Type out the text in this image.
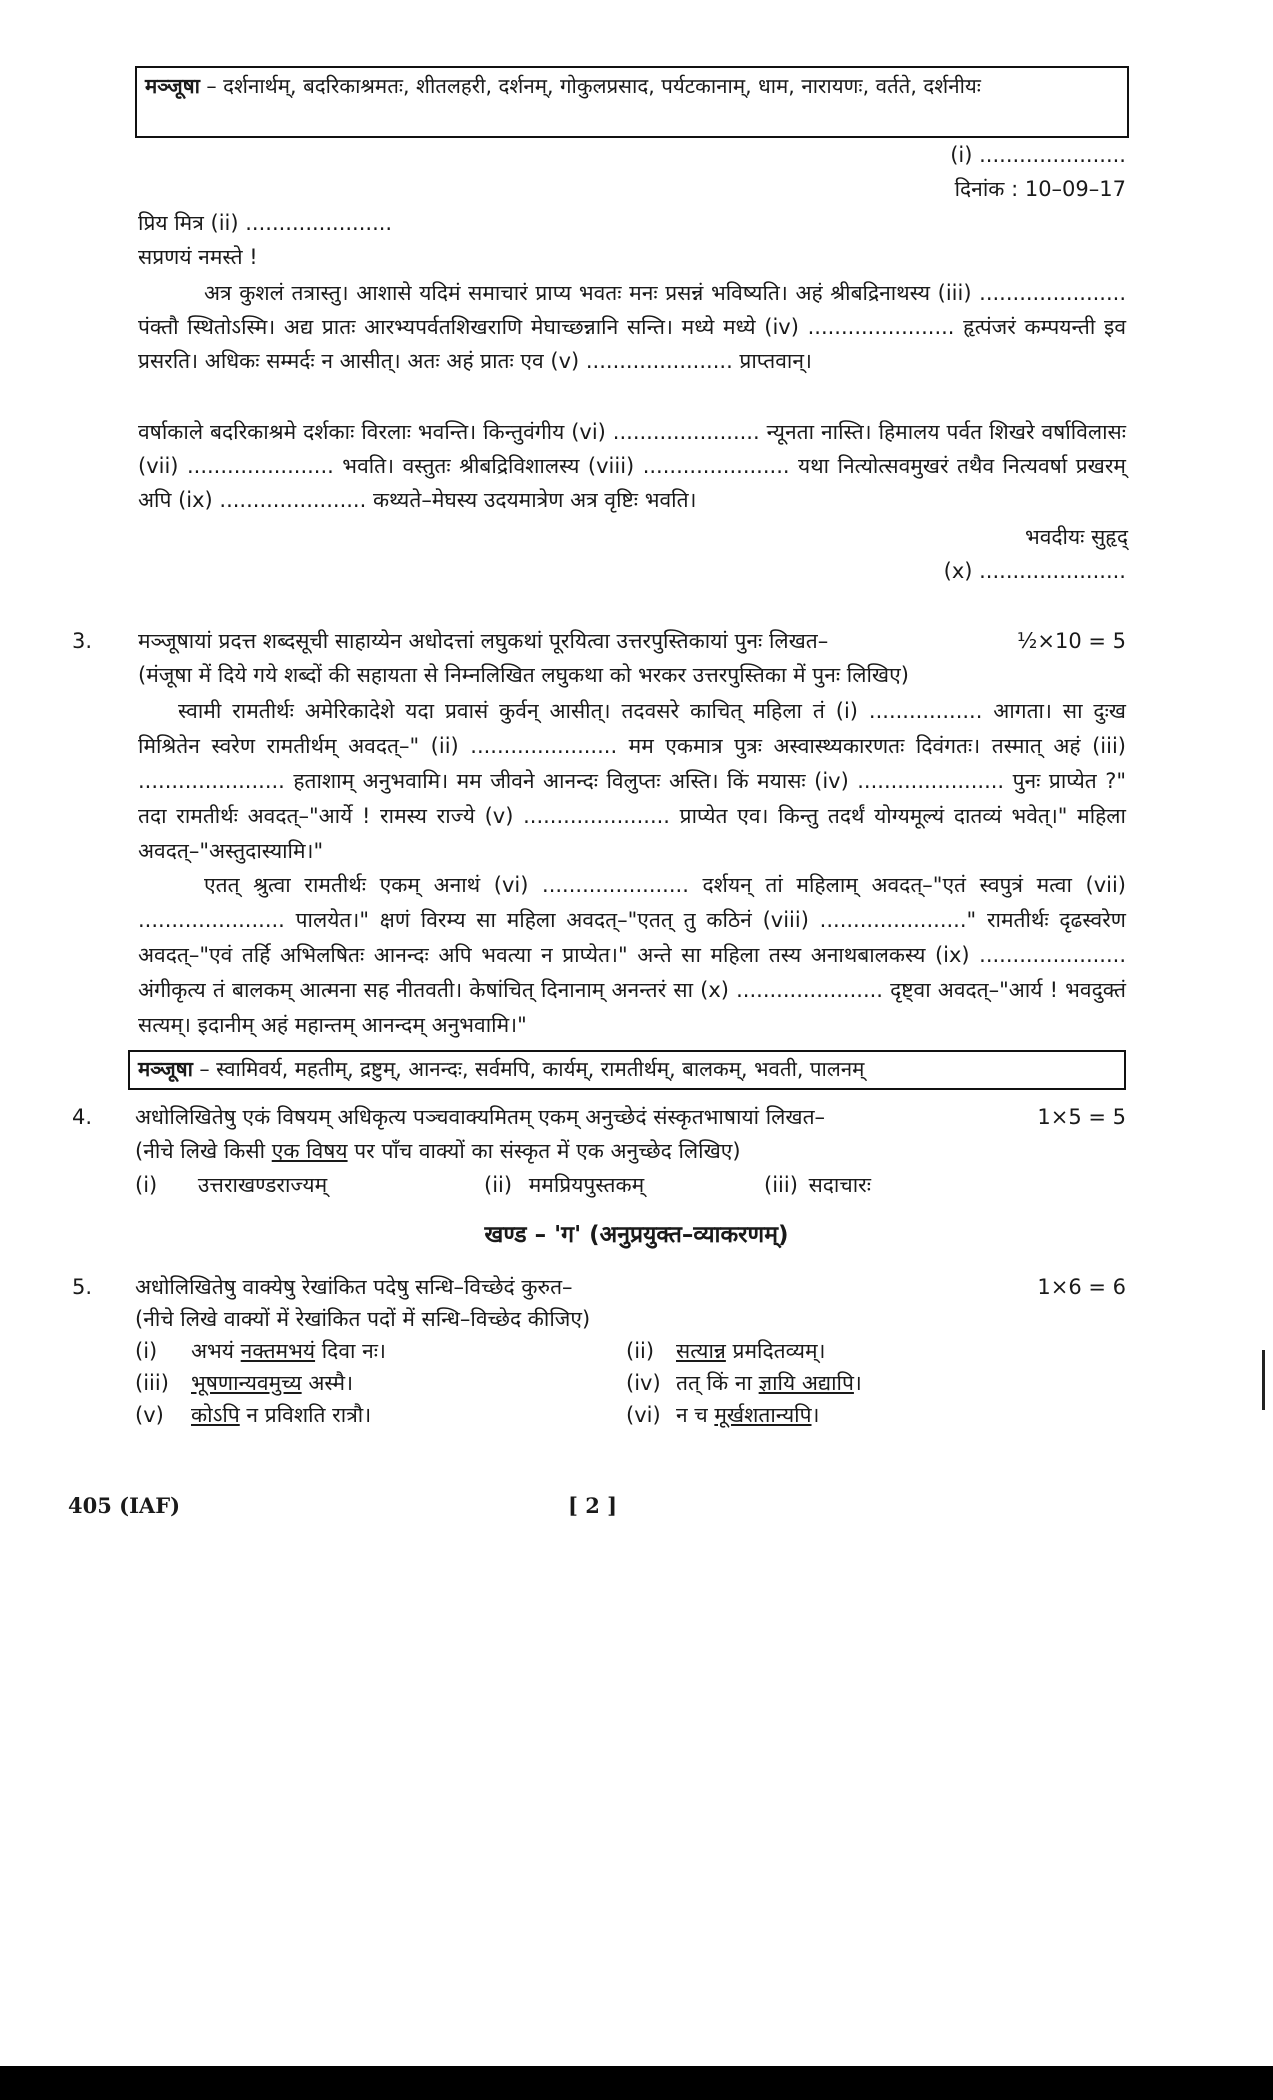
मञ्जूषा – दर्शनार्थम्, बदरिकाश्रमतः, शीतलहरी, दर्शनम्, गोकुलप्रसाद, पर्यटकानाम्, धाम, नारायणः, वर्तते, दर्शनीयः
(i) ......................
दिनांक : 10–09–17
प्रिय मित्र (ii) ......................
सप्रणयं नमस्ते !
अत्र कुशलं तत्रास्तु। आशासे यदिमं समाचारं प्राप्य भवतः मनः प्रसन्नं भविष्यति। अहं श्रीबद्रिनाथस्य (iii) ...................... पंक्तौ स्थितोऽस्मि। अद्य प्रातः आरभ्यपर्वतशिखराणि मेघाच्छन्नानि सन्ति। मध्ये मध्ये (iv) ...................... हृत्पंजरं कम्पयन्ती इव प्रसरति। अधिकः सम्मर्दः न आसीत्। अतः अहं प्रातः एव (v) ...................... प्राप्तवान्।
वर्षाकाले बदरिकाश्रमे दर्शकाः विरलाः भवन्ति। किन्तुवंगीय (vi) ...................... न्यूनता नास्ति। हिमालय पर्वत शिखरे वर्षाविलासः (vii) ...................... भवति। वस्तुतः श्रीबद्रिविशालस्य (viii) ...................... यथा नित्योत्सवमुखरं तथैव नित्यवर्षा प्रखरम् अपि (ix) ...................... कथ्यते–मेघस्य उदयमात्रेण अत्र वृष्टिः भवति।
भवदीयः सुहृद्
(x) ......................
3. मञ्जूषायां प्रदत्त शब्दसूची साहाय्येन अधोदत्तां लघुकथां पूरयित्वा उत्तरपुस्तिकायां पुनः लिखत–	½×10 = 5
(मंजूषा में दिये गये शब्दों की सहायता से निम्नलिखित लघुकथा को भरकर उत्तरपुस्तिका में पुनः लिखिए)
स्वामी रामतीर्थः अमेरिकादेशे यदा प्रवासं कुर्वन् आसीत्। तदवसरे काचित् महिला तं (i) ................. आगता। सा दुःख मिश्रितेन स्वरेण रामतीर्थम् अवदत्–" (ii) ...................... मम एकमात्र पुत्रः अस्वास्थ्यकारणतः दिवंगतः। तस्मात् अहं (iii) ...................... हताशाम् अनुभवामि। मम जीवने आनन्दः विलुप्तः अस्ति। किं मयासः (iv) ...................... पुनः प्राप्येत ?" तदा रामतीर्थः अवदत्–"आर्ये ! रामस्य राज्ये (v) ...................... प्राप्येत एव। किन्तु तदर्थं योग्यमूल्यं दातव्यं भवेत्।" महिला अवदत्–"अस्तुदास्यामि।"
एतत् श्रुत्वा रामतीर्थः एकम् अनाथं (vi) ...................... दर्शयन् तां महिलाम् अवदत्–"एतं स्वपुत्रं मत्वा (vii) ...................... पालयेत।" क्षणं विरम्य सा महिला अवदत्–"एतत् तु कठिनं (viii) ......................" रामतीर्थः दृढस्वरेण अवदत्–"एवं तर्हि अभिलषितः आनन्दः अपि भवत्या न प्राप्येत।" अन्ते सा महिला तस्य अनाथबालकस्य (ix) ...................... अंगीकृत्य तं बालकम् आत्मना सह नीतवती। केषांचित् दिनानाम् अनन्तरं सा (x) ...................... दृष्ट्वा अवदत्–"आर्य ! भवदुक्तं सत्यम्। इदानीम् अहं महान्तम् आनन्दम् अनुभवामि।"
मञ्जूषा – स्वामिवर्य, महतीम्, द्रष्टुम्, आनन्दः, सर्वमपि, कार्यम्, रामतीर्थम्, बालकम्, भवती, पालनम्
4. अधोलिखितेषु एकं विषयम् अधिकृत्य पञ्चवाक्यमितम् एकम् अनुच्छेदं संस्कृतभाषायां लिखत–	1×5 = 5
(नीचे लिखे किसी एक विषय पर पाँच वाक्यों का संस्कृत में एक अनुच्छेद लिखिए)
(i) उत्तराखण्डराज्यम्	(ii) ममप्रियपुस्तकम्	(iii) सदाचारः
खण्ड – 'ग' (अनुप्रयुक्त–व्याकरणम्)
5. अधोलिखितेषु वाक्येषु रेखांकित पदेषु सन्धि–विच्छेदं कुरुत–	1×6 = 6
(नीचे लिखे वाक्यों में रेखांकित पदों में सन्धि–विच्छेद कीजिए)
(i) अभयं नक्तमभयं दिवा नः।	(ii) सत्यान्न प्रमदितव्यम्।
(iii) भूषणान्यवमुच्य अस्मै।	(iv) तत् किं ना ज्ञायि अद्यापि।
(v) कोऽपि न प्रविशति रात्रौ।	(vi) न च मूर्खशतान्यपि।
405 (IAF)	[ 2 ]
